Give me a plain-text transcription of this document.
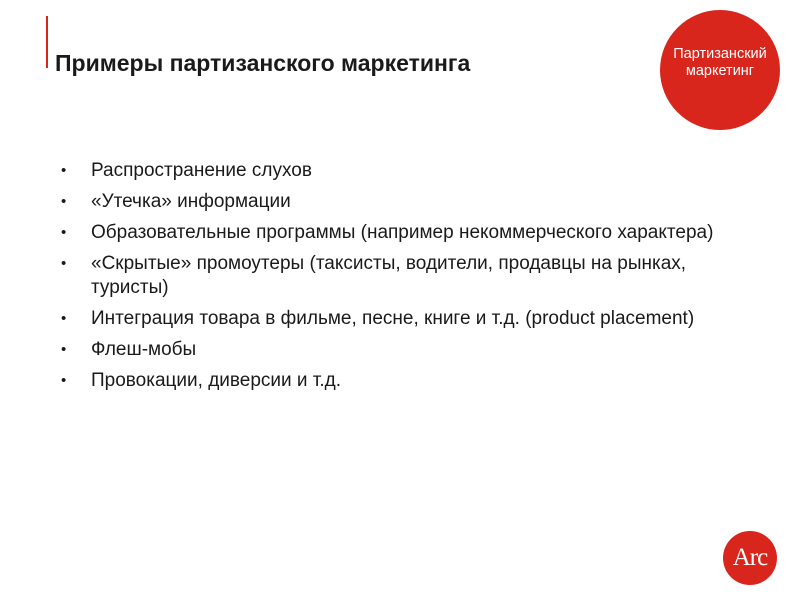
Примеры партизанского маркетинга	Партизанский
маркетинг
• Распространение слухов
• «Утечка» информации
• Образовательные программы (например некоммерческого характера)
• «Скрытые» промоутеры (таксисты, водители, продавцы на рынках, туристы)
• Интеграция товара в фильме, песне, книге и т.д. (product placement)
• Флеш-мобы
• Провокации, диверсии и т.д.
Arc
